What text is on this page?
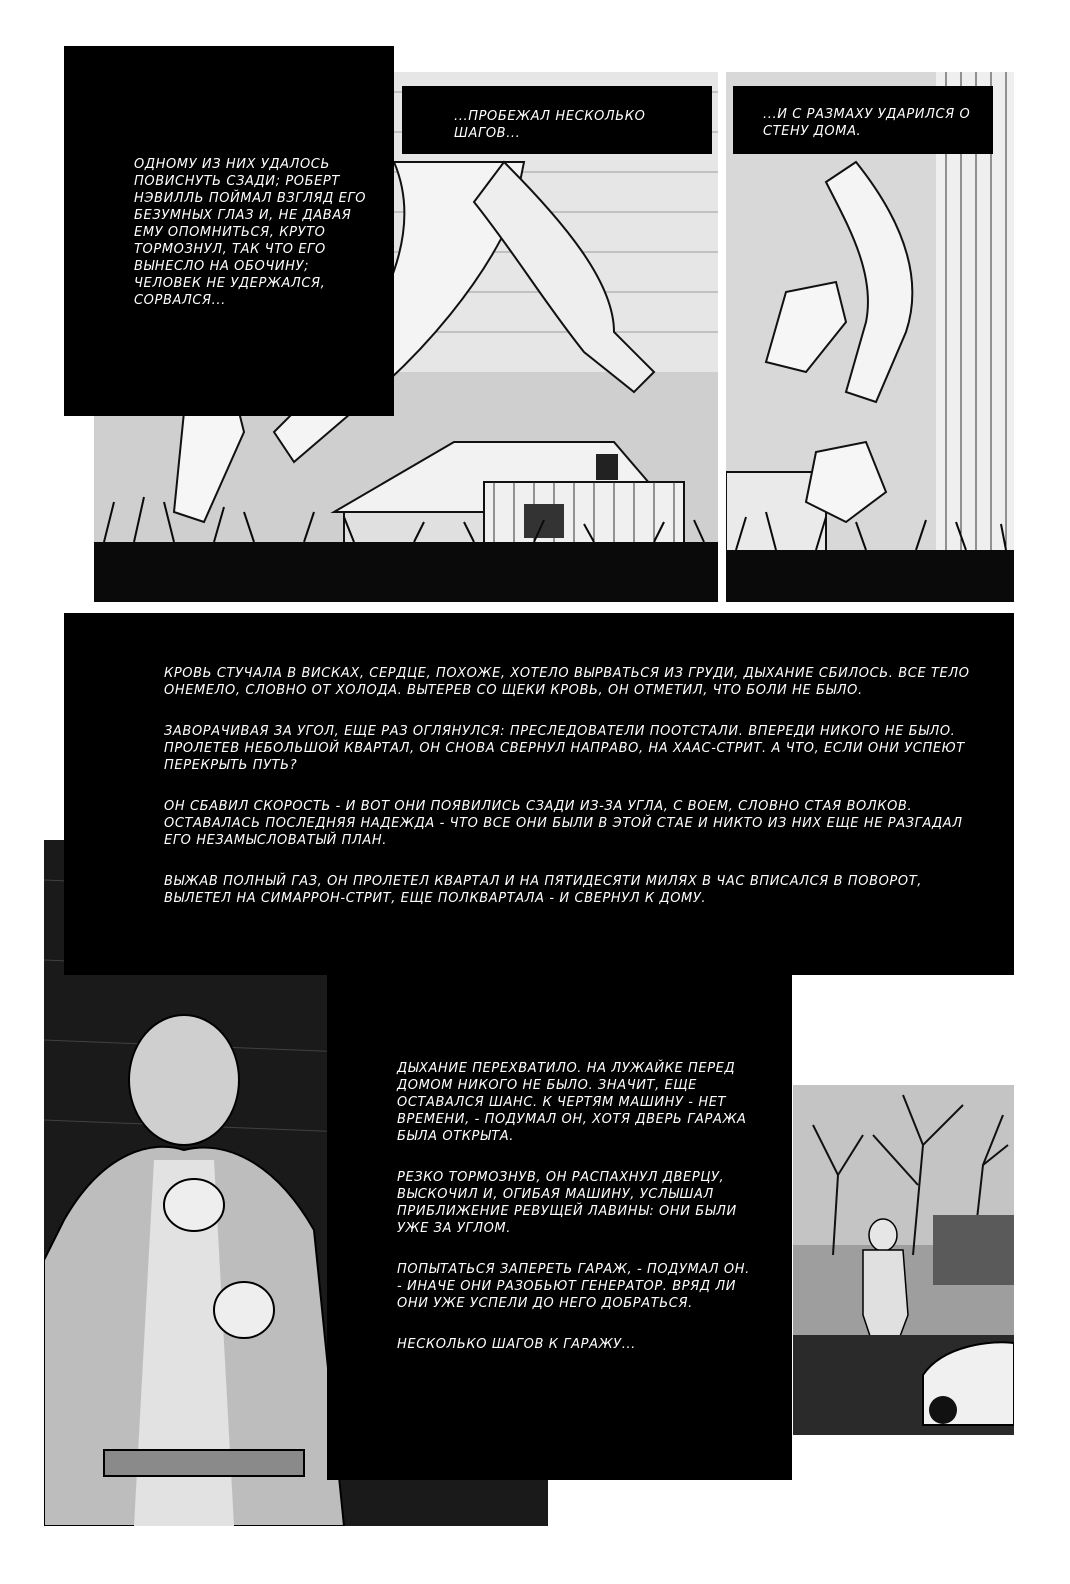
ОДНОМУ ИЗ НИХ УДАЛОСЬ ПОВИСНУТЬ СЗАДИ; РОБЕРТ НЭВИЛЛЬ ПОЙМАЛ ВЗГЛЯД ЕГО БЕЗУМНЫХ ГЛАЗ И, НЕ ДАВАЯ ЕМУ ОПОМНИТЬСЯ, КРУТО ТОРМОЗНУЛ, ТАК ЧТО ЕГО ВЫНЕСЛО НА ОБОЧИНУ; ЧЕЛОВЕК НЕ УДЕРЖАЛСЯ, СОРВАЛСЯ...

...ПРОБЕЖАЛ НЕСКОЛЬКО ШАГОВ...

...И С РАЗМАХУ УДАРИЛСЯ О СТЕНУ ДОМА.

КРОВЬ СТУЧАЛА В ВИСКАХ, СЕРДЦЕ, ПОХОЖЕ, ХОТЕЛО ВЫРВАТЬСЯ ИЗ ГРУДИ, ДЫХАНИЕ СБИЛОСЬ. ВСЕ ТЕЛО ОНЕМЕЛО, СЛОВНО ОТ ХОЛОДА. ВЫТЕРЕВ СО ЩЕКИ КРОВЬ, ОН ОТМЕТИЛ, ЧТО БОЛИ НЕ БЫЛО.

ЗАВОРАЧИВАЯ ЗА УГОЛ, ЕЩЕ РАЗ ОГЛЯНУЛСЯ: ПРЕСЛЕДОВАТЕЛИ ПООТСТАЛИ. ВПЕРЕДИ НИКОГО НЕ БЫЛО. ПРОЛЕТЕВ НЕБОЛЬШОЙ КВАРТАЛ, ОН СНОВА СВЕРНУЛ НАПРАВО, НА ХААС-СТРИТ. А ЧТО, ЕСЛИ ОНИ УСПЕЮТ ПЕРЕКРЫТЬ ПУТЬ?

ОН СБАВИЛ СКОРОСТЬ - И ВОТ ОНИ ПОЯВИЛИСЬ СЗАДИ ИЗ-ЗА УГЛА, С ВОЕМ, СЛОВНО СТАЯ ВОЛКОВ. ОСТАВАЛАСЬ ПОСЛЕДНЯЯ НАДЕЖДА - ЧТО ВСЕ ОНИ БЫЛИ В ЭТОЙ СТАЕ И НИКТО ИЗ НИХ ЕЩЕ НЕ РАЗГАДАЛ ЕГО НЕЗАМЫСЛОВАТЫЙ ПЛАН.

ВЫЖАВ ПОЛНЫЙ ГАЗ, ОН ПРОЛЕТЕЛ КВАРТАЛ И НА ПЯТИДЕСЯТИ МИЛЯХ В ЧАС ВПИСАЛСЯ В ПОВОРОТ, ВЫЛЕТЕЛ НА СИМАРРОН-СТРИТ, ЕЩЕ ПОЛКВАРТАЛА - И СВЕРНУЛ К ДОМУ.

ДЫХАНИЕ ПЕРЕХВАТИЛО. НА ЛУЖАЙКЕ ПЕРЕД ДОМОМ НИКОГО НЕ БЫЛО. ЗНАЧИТ, ЕЩЕ ОСТАВАЛСЯ ШАНС. К ЧЕРТЯМ МАШИНУ - НЕТ ВРЕМЕНИ, - ПОДУМАЛ ОН, ХОТЯ ДВЕРЬ ГАРАЖА БЫЛА ОТКРЫТА.

РЕЗКО ТОРМОЗНУВ, ОН РАСПАХНУЛ ДВЕРЦУ, ВЫСКОЧИЛ И, ОГИБАЯ МАШИНУ, УСЛЫШАЛ ПРИБЛИЖЕНИЕ РЕВУЩЕЙ ЛАВИНЫ: ОНИ БЫЛИ УЖЕ ЗА УГЛОМ.

ПОПЫТАТЬСЯ ЗАПЕРЕТЬ ГАРАЖ, - ПОДУМАЛ ОН. - ИНАЧЕ ОНИ РАЗОБЬЮТ ГЕНЕРАТОР. ВРЯД ЛИ ОНИ УЖЕ УСПЕЛИ ДО НЕГО ДОБРАТЬСЯ.

НЕСКОЛЬКО ШАГОВ К ГАРАЖУ...
